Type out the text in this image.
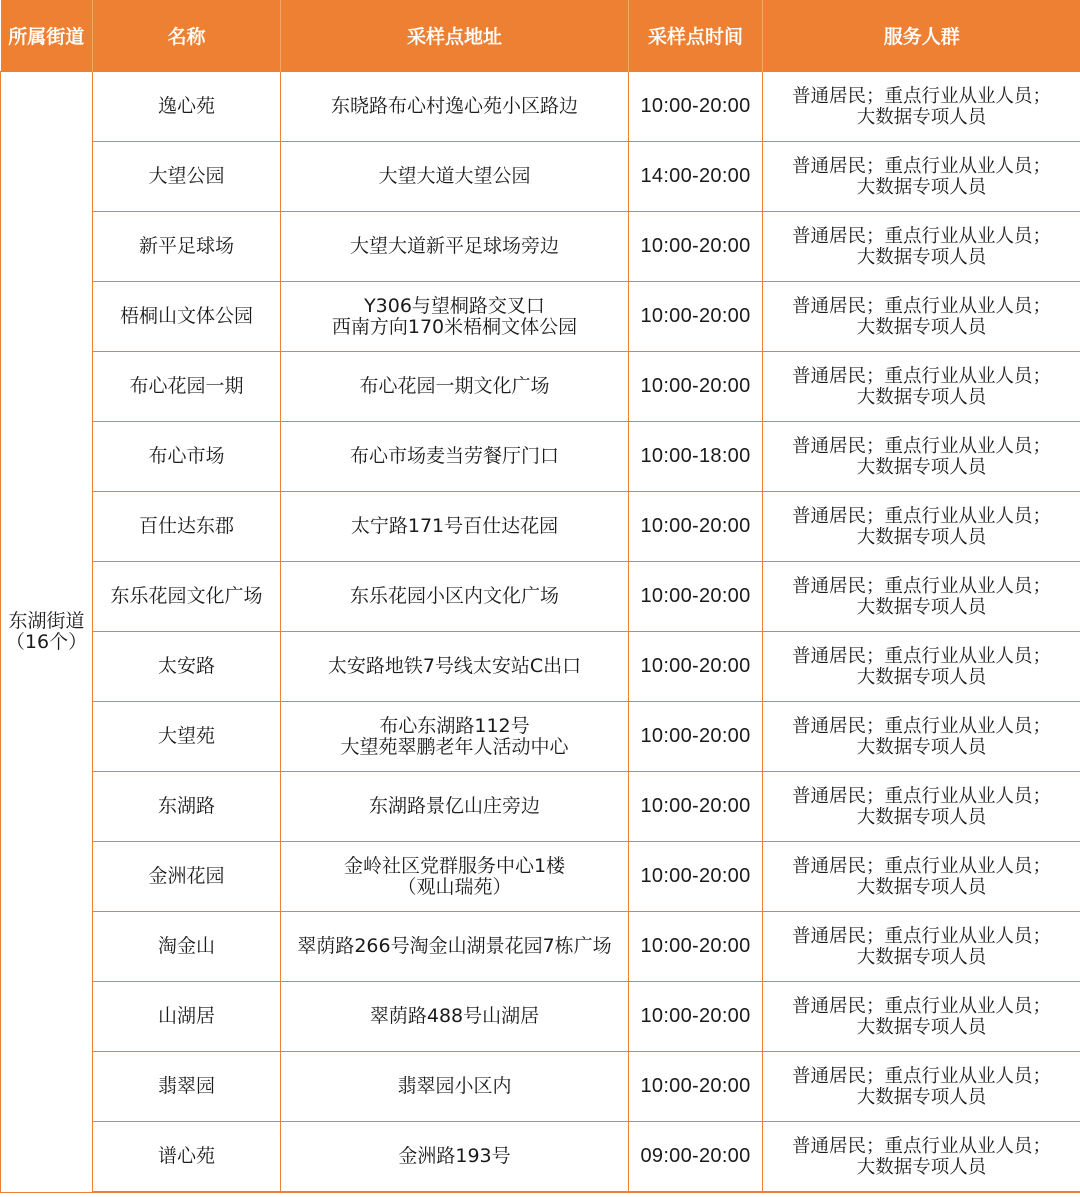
所属街道	名称	采样点地址	采样点时间	服务人群

东湖街道
（16个）	逸心苑	东晓路布心村逸心苑小区路边	10:00-20:00	普通居民；重点行业从业人员；
大数据专项人员

	大望公园	大望大道大望公园	14:00-20:00	普通居民；重点行业从业人员；
大数据专项人员

	新平足球场	大望大道新平足球场旁边	10:00-20:00	普通居民；重点行业从业人员；
大数据专项人员

	梧桐山文体公园	Y306与望桐路交叉口
西南方向170米梧桐文体公园	10:00-20:00	普通居民；重点行业从业人员；
大数据专项人员

	布心花园一期	布心花园一期文化广场	10:00-20:00	普通居民；重点行业从业人员；
大数据专项人员

	布心市场	布心市场麦当劳餐厅门口	10:00-18:00	普通居民；重点行业从业人员；
大数据专项人员

	百仕达东郡	太宁路171号百仕达花园	10:00-20:00	普通居民；重点行业从业人员；
大数据专项人员

	东乐花园文化广场	东乐花园小区内文化广场	10:00-20:00	普通居民；重点行业从业人员；
大数据专项人员

	太安路	太安路地铁7号线太安站C出口	10:00-20:00	普通居民；重点行业从业人员；
大数据专项人员

	大望苑	布心东湖路112号
大望苑翠鹏老年人活动中心	10:00-20:00	普通居民；重点行业从业人员；
大数据专项人员

	东湖路	东湖路景亿山庄旁边	10:00-20:00	普通居民；重点行业从业人员；
大数据专项人员

	金洲花园	金岭社区党群服务中心1楼
（观山瑞苑）	10:00-20:00	普通居民；重点行业从业人员；
大数据专项人员

	淘金山	翠荫路266号淘金山湖景花园7栋广场	10:00-20:00	普通居民；重点行业从业人员；
大数据专项人员

	山湖居	翠荫路488号山湖居	10:00-20:00	普通居民；重点行业从业人员；
大数据专项人员

	翡翠园	翡翠园小区内	10:00-20:00	普通居民；重点行业从业人员；
大数据专项人员

	谱心苑	金洲路193号	09:00-20:00	普通居民；重点行业从业人员；
大数据专项人员
